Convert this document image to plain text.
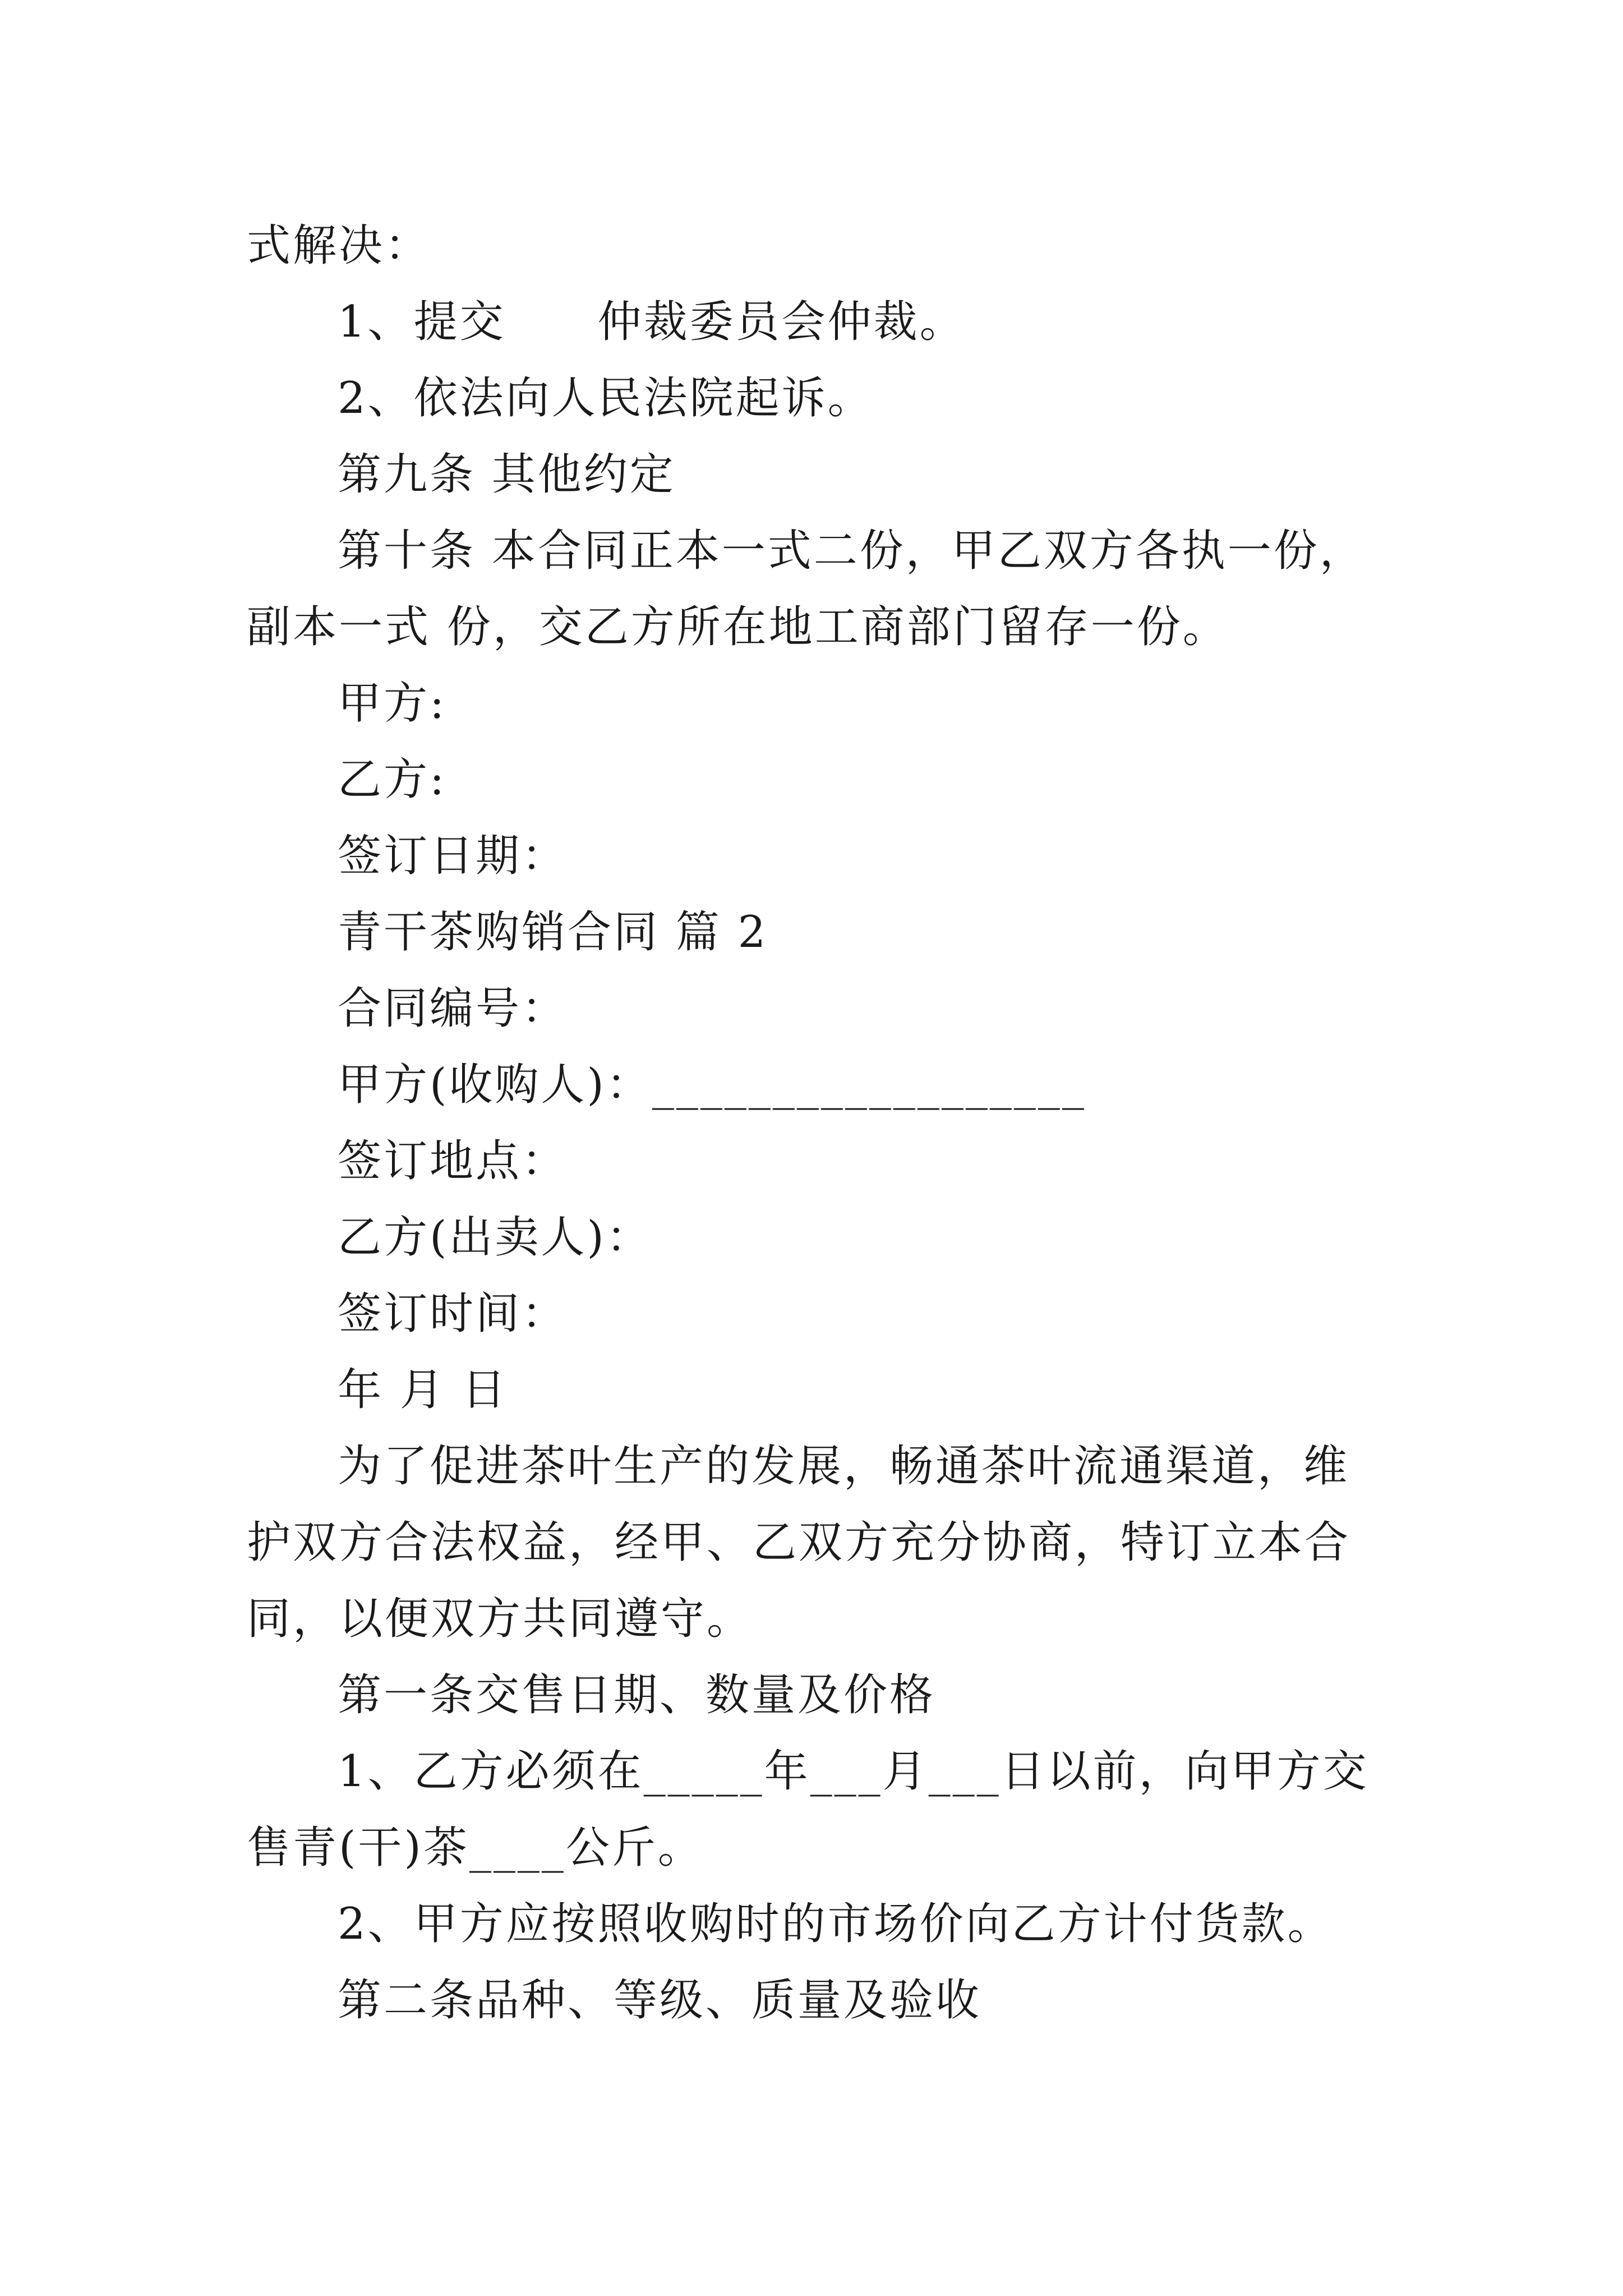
式解决：

1、提交　　仲裁委员会仲裁。

2、依法向人民法院起诉。

第九条 其他约定

第十条 本合同正本一式二份，甲乙双方各执一份，副本一式 份，交乙方所在地工商部门留存一份。

甲方:

乙方:

签订日期：

青干茶购销合同 篇 2

合同编号：

甲方(收购人)：__________________

签订地点：

乙方(出卖人)：

签订时间：

年 月 日

为了促进茶叶生产的发展，畅通茶叶流通渠道，维护双方合法权益，经甲、乙双方充分协商，特订立本合同，以便双方共同遵守。

第一条交售日期、数量及价格

1、乙方必须在_____年___月___日以前，向甲方交售青(干)茶____公斤。

2、甲方应按照收购时的市场价向乙方计付货款。

第二条品种、等级、质量及验收
